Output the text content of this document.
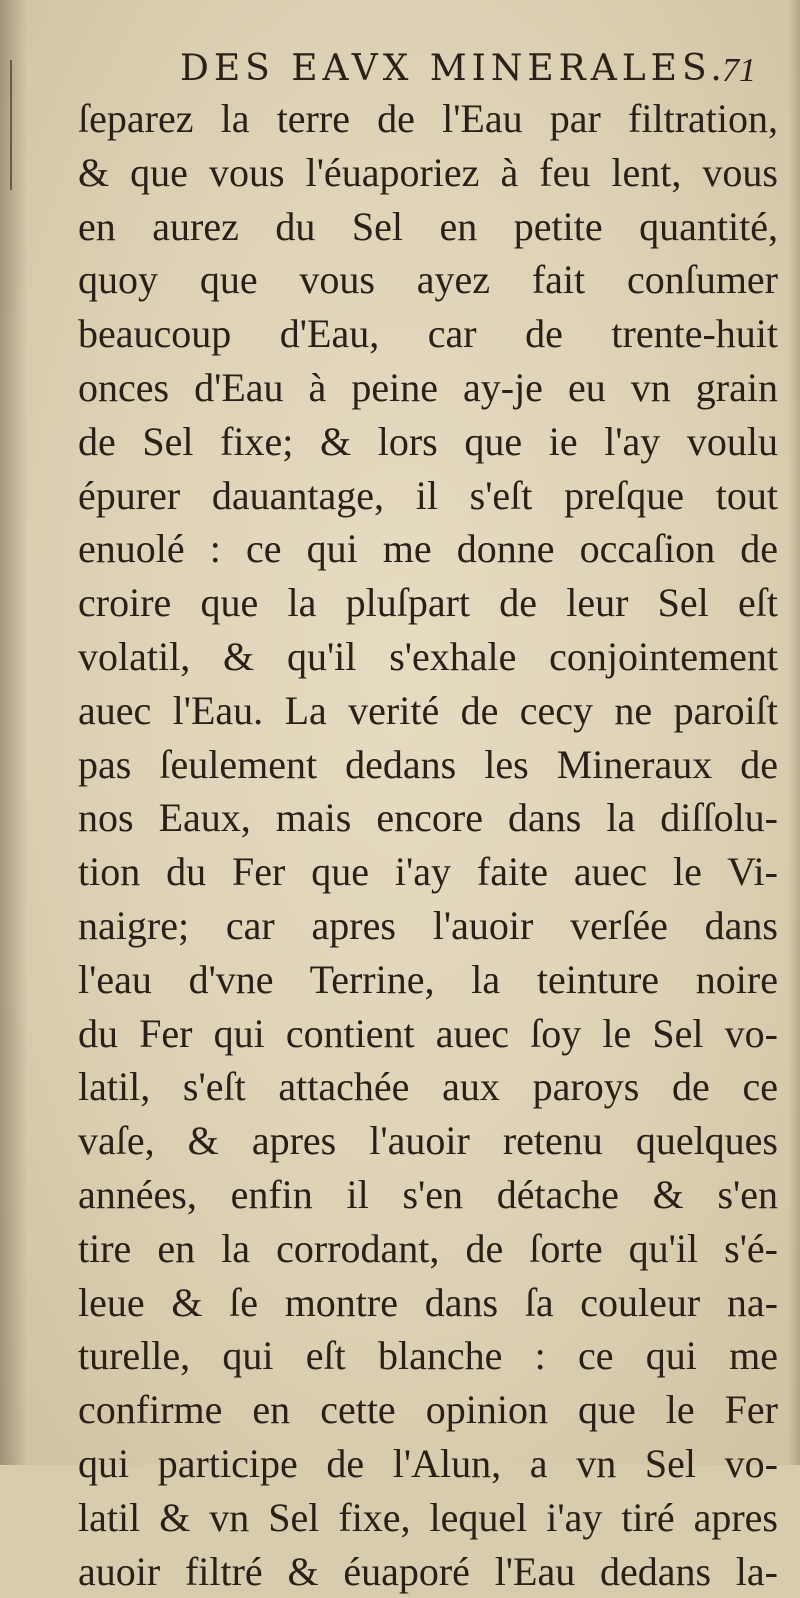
DES EAVX MINERALES.
71
ſeparez la terre de l'Eau par filtration,
& que vous l'éuaporiez à feu lent, vous
en aurez du Sel en petite quantité,
quoy que vous ayez fait conſumer
beaucoup d'Eau, car de trente-huit
onces d'Eau à peine ay-je eu vn grain
de Sel fixe; & lors que ie l'ay voulu
épurer dauantage, il s'eſt preſque tout
enuolé : ce qui me donne occaſion de
croire que la pluſpart de leur Sel eſt
volatil, & qu'il s'exhale conjointement
auec l'Eau. La verité de cecy ne paroiſt
pas ſeulement dedans les Mineraux de
nos Eaux, mais encore dans la diſſolu-
tion du Fer que i'ay faite auec le Vi-
naigre; car apres l'auoir verſée dans
l'eau d'vne Terrine, la teinture noire
du Fer qui contient auec ſoy le Sel vo-
latil, s'eſt attachée aux paroys de ce
vaſe, & apres l'auoir retenu quelques
années, enfin il s'en détache & s'en
tire en la corrodant, de ſorte qu'il s'é-
leue & ſe montre dans ſa couleur na-
turelle, qui eſt blanche : ce qui me
confirme en cette opinion que le Fer
qui participe de l'Alun, a vn Sel vo-
latil & vn Sel fixe, lequel i'ay tiré apres
auoir filtré & éuaporé l'Eau dedans la-
